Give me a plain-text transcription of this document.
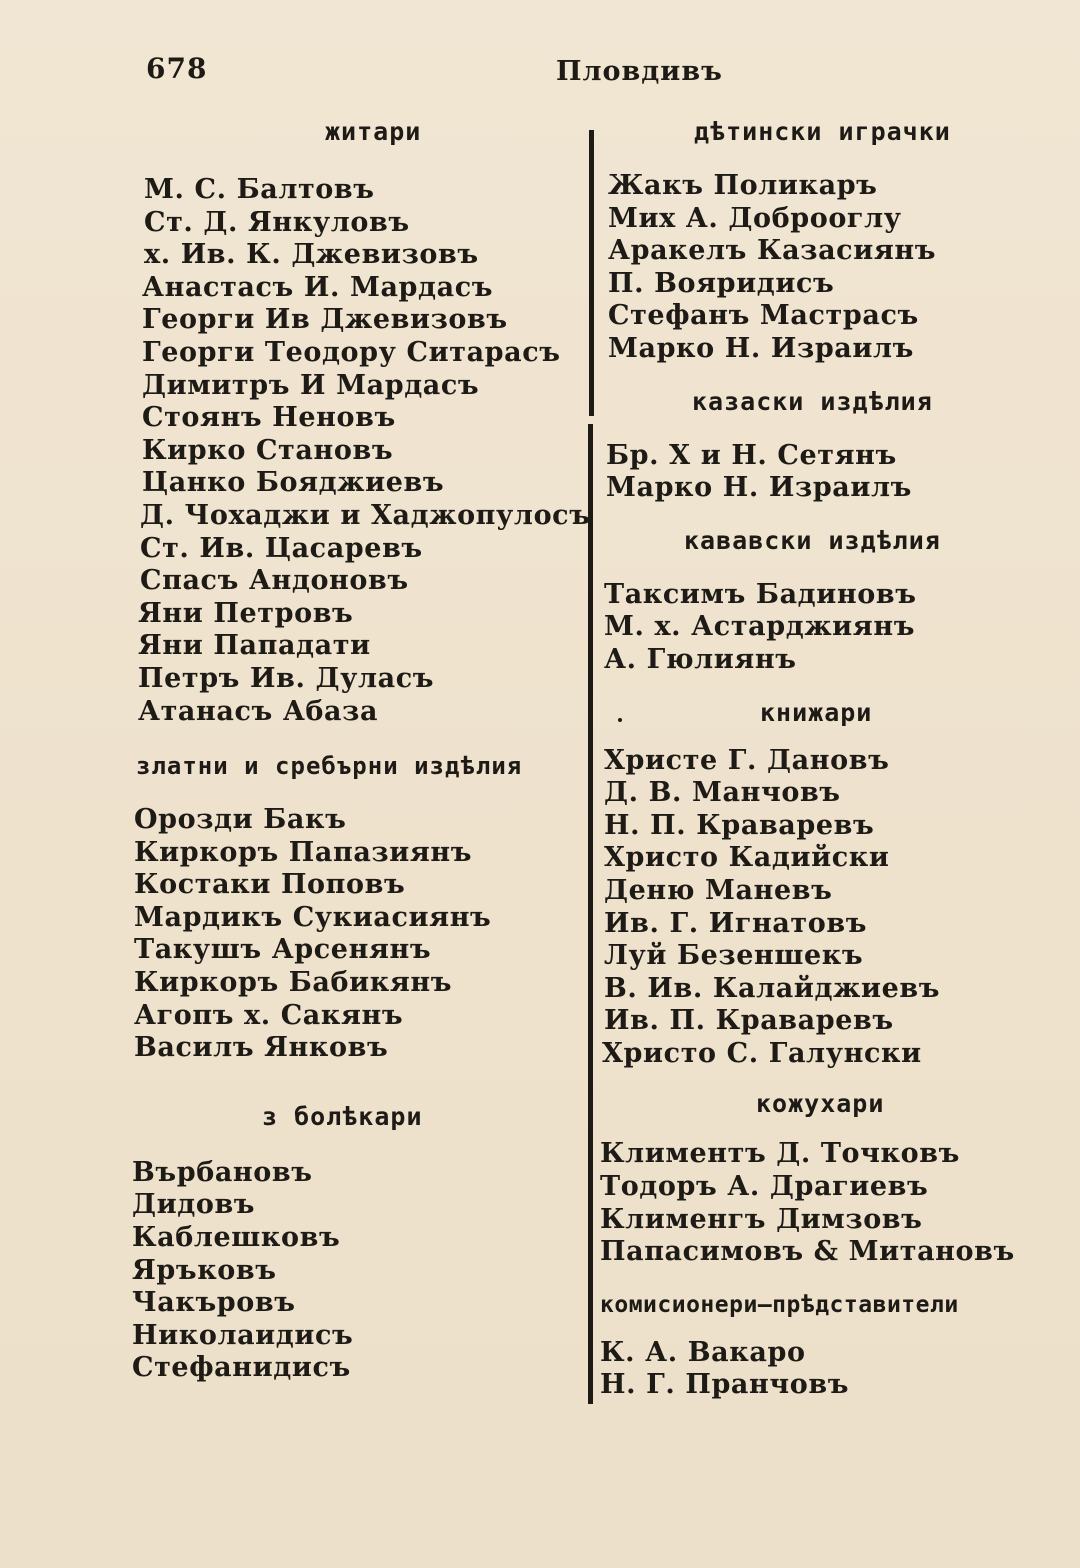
678	Пловдивъ
житари
М. С. Балтовъ
Ст. Д. Янкуловъ
х. Ив. К. Джевизовъ
Анастасъ И. Мардасъ
Георги Ив Джевизовъ
Георги Теодору Ситарасъ
Димитръ И Мардасъ
Стоянъ Неновъ
Кирко Становъ
Цанко Бояджиевъ
Д. Чохаджи и Хаджопулосъ
Ст. Ив. Цасаревъ
Спасъ Андоновъ
Яни Петровъ
Яни Пападати
Петръ Ив. Дуласъ
Атанасъ Абаза
златни и сребърни издѣлия
Орозди Бакъ
Киркоръ Папазиянъ
Костаки Поповъ
Мардикъ Сукиасиянъ
Такушъ Арсенянъ
Киркоръ Бабикянъ
Агопъ х. Сакянъ
Василъ Янковъ
з болѣкари
Върбановъ
Дидовъ
Каблешковъ
Яръковъ
Чакъровъ
Николаидисъ
Стефанидисъ
дѣтински играчки
Жакъ Поликаръ
Мих А. Доброоглу
Аракелъ Казасиянъ
П. Вояридисъ
Стефанъ Мастрасъ
Марко Н. Израилъ
казаски издѣлия
Бр. Х и Н. Сетянъ
Марко Н. Израилъ
кававски издѣлия
Таксимъ Бадиновъ
М. х. Астарджиянъ
А. Гюлиянъ
книжари
Христе Г. Дановъ
Д. В. Манчовъ
Н. П. Краваревъ
Христо Кадийски
Деню Маневъ
Ив. Г. Игнатовъ
Луй Безеншекъ
В. Ив. Калайджиевъ
Ив. П. Краваревъ
Христо С. Галунски
кожухари
Климентъ Д. Точковъ
Тодоръ А. Драгиевъ
Клименгъ Димзовъ
Папасимовъ & Митановъ
комисионери—прѣдставители
К. А. Вакаро
Н. Г. Пранчовъ
